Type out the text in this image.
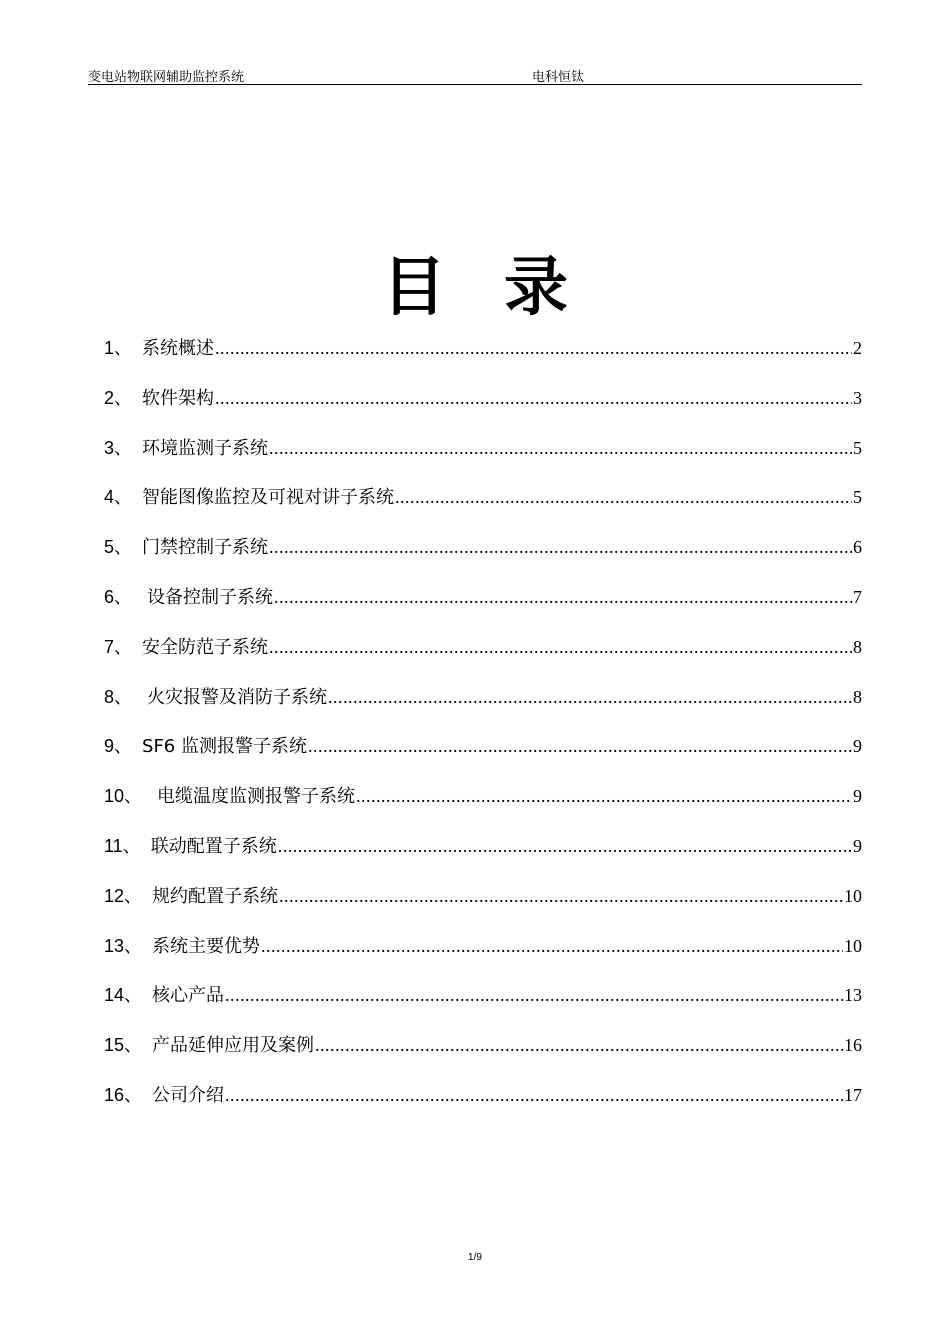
变电站物联网辅助监控系统	电科恒钛
目录
1、
系统概述 .....	2
2、
软件架构 .....	3
3、
环境监测子系统 .....	5
4、
智能图像监控及可视对讲子系统 .....	5
5、
门禁控制子系统 .....	6
6、
设备控制子系统 .....	7
7、
安全防范子系统 .....	8
8、
火灾报警及消防子系统 .....	8
9、
SF6 监测报警子系统 .....	9
10、
电缆温度监测报警子系统 .....	9
11、
联动配置子系统 .....	9
12、
规约配置子系统 .....	10
13、
系统主要优势 .....	10
14、
核心产品 .....	13
15、
产品延伸应用及案例 .....	16
16、
公司介绍 .....	17
1/9
